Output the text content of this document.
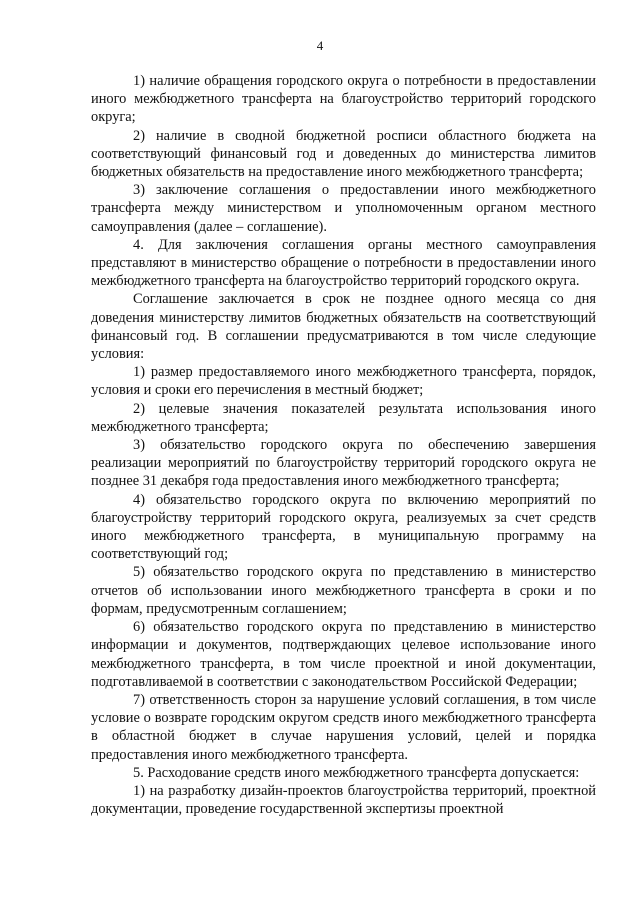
4

1) наличие обращения городского округа о потребности в предоставлении иного межбюджетного трансферта на благоустройство территорий городского округа;

2) наличие в сводной бюджетной росписи областного бюджета на соответствующий финансовый год и доведенных до министерства лимитов бюджетных обязательств на предоставление иного межбюджетного трансферта;

3) заключение соглашения о предоставлении иного межбюджетного трансферта между министерством и уполномоченным органом местного самоуправления (далее – соглашение).

4. Для заключения соглашения органы местного самоуправления представляют в министерство обращение о потребности в предоставлении иного межбюджетного трансферта на благоустройство территорий городского округа.

Соглашение заключается в срок не позднее одного месяца со дня доведения министерству лимитов бюджетных обязательств на соответствующий финансовый год. В соглашении предусматриваются в том числе следующие условия:

1) размер предоставляемого иного межбюджетного трансферта, порядок, условия и сроки его перечисления в местный бюджет;

2) целевые значения показателей результата использования иного межбюджетного трансферта;

3) обязательство городского округа по обеспечению завершения реализации мероприятий по благоустройству территорий городского округа не позднее 31 декабря года предоставления иного межбюджетного трансферта;

4) обязательство городского округа по включению мероприятий по благоустройству территорий городского округа, реализуемых за счет средств иного межбюджетного трансферта, в муниципальную программу на соответствующий год;

5) обязательство городского округа по представлению в министерство отчетов об использовании иного межбюджетного трансферта в сроки и по формам, предусмотренным соглашением;

6) обязательство городского округа по представлению в министерство информации и документов, подтверждающих целевое использование иного межбюджетного трансферта, в том числе проектной и иной документации, подготавливаемой в соответствии с законодательством Российской Федерации;

7) ответственность сторон за нарушение условий соглашения, в том числе условие о возврате городским округом средств иного межбюджетного трансферта в областной бюджет в случае нарушения условий, целей и порядка предоставления иного межбюджетного трансферта.

5. Расходование средств иного межбюджетного трансферта допускается:

1) на разработку дизайн-проектов благоустройства территорий, проектной документации, проведение государственной экспертизы проектной
